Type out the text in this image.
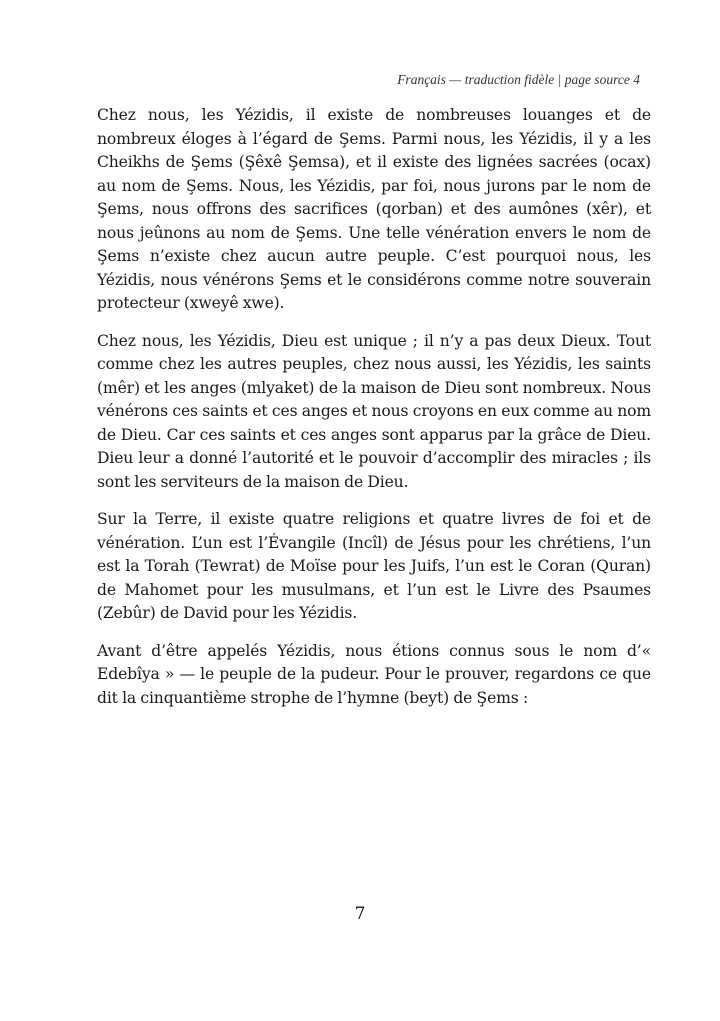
Français — traduction fidèle | page source 4

Chez nous, les Yézidis, il existe de nombreuses louanges et de nombreux éloges à l’égard de Şems. Parmi nous, les Yézidis, il y a les Cheikhs de Şems (Şêxê Şemsa), et il existe des lignées sacrées (ocax) au nom de Şems. Nous, les Yézidis, par foi, nous jurons par le nom de Şems, nous offrons des sacrifices (qorban) et des aumônes (xêr), et nous jeûnons au nom de Şems. Une telle vénération envers le nom de Şems n’existe chez aucun autre peuple. C’est pourquoi nous, les Yézidis, nous vénérons Şems et le considérons comme notre souverain protecteur (xweyê xwe).

Chez nous, les Yézidis, Dieu est unique ; il n’y a pas deux Dieux. Tout comme chez les autres peuples, chez nous aussi, les Yézidis, les saints (mêr) et les anges (mlyaket) de la maison de Dieu sont nombreux. Nous vénérons ces saints et ces anges et nous croyons en eux comme au nom de Dieu. Car ces saints et ces anges sont apparus par la grâce de Dieu. Dieu leur a donné l’autorité et le pouvoir d’accomplir des miracles ; ils sont les serviteurs de la maison de Dieu.

Sur la Terre, il existe quatre religions et quatre livres de foi et de vénération. L’un est l’Évangile (Incîl) de Jésus pour les chrétiens, l’un est la Torah (Tewrat) de Moïse pour les Juifs, l’un est le Coran (Quran) de Mahomet pour les musulmans, et l’un est le Livre des Psaumes (Zebûr) de David pour les Yézidis.

Avant d’être appelés Yézidis, nous étions connus sous le nom d’« Edebîya » — le peuple de la pudeur. Pour le prouver, regardons ce que dit la cinquantième strophe de l’hymne (beyt) de Şems :

7
